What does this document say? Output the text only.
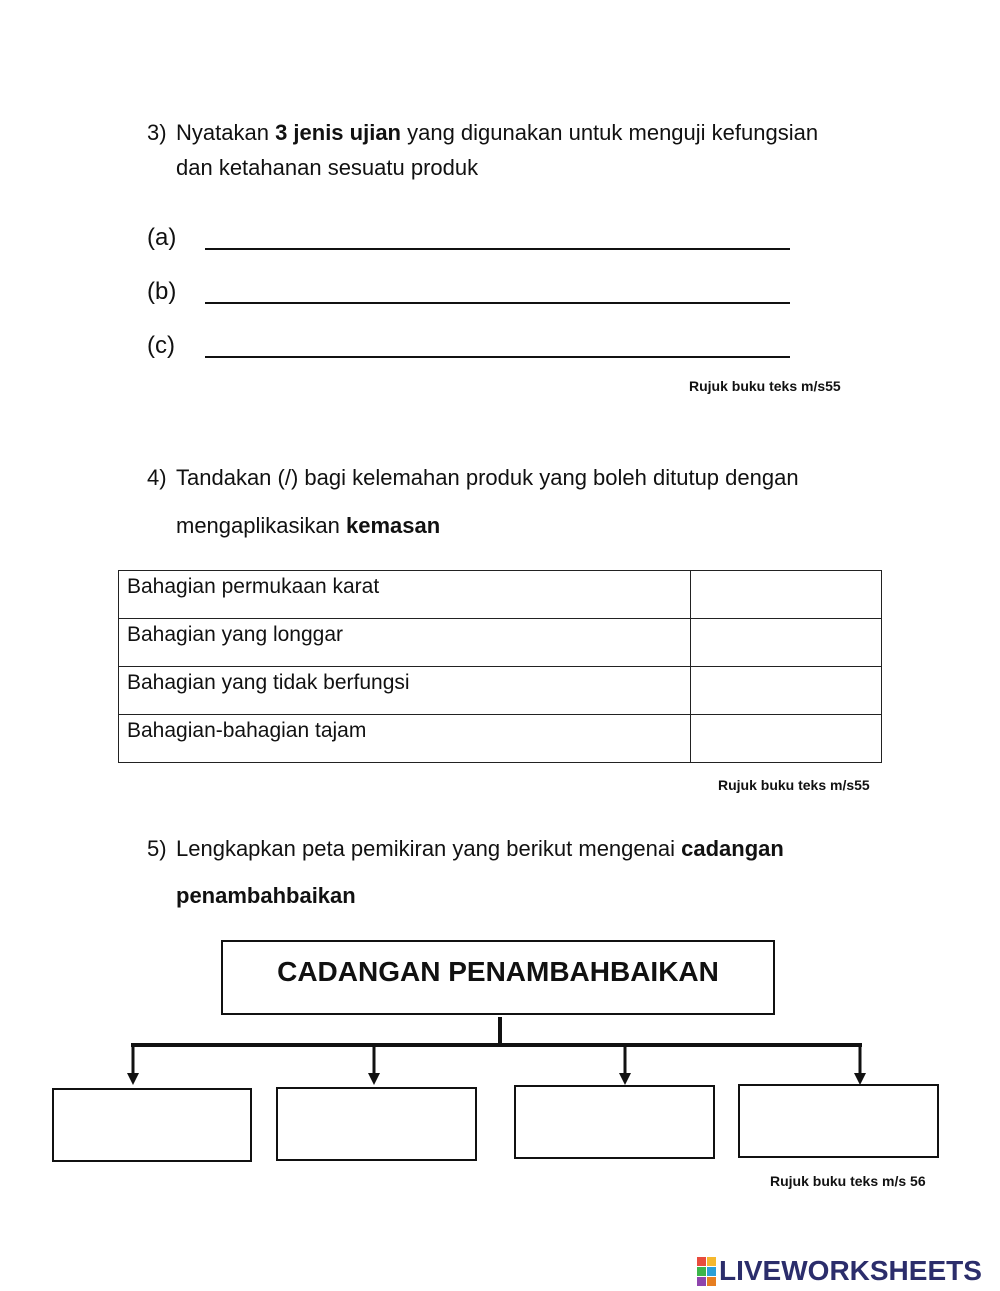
3) Nyatakan 3 jenis ujian yang digunakan untuk menguji kefungsian
dan ketahanan sesuatu produk
(a)
(b)
(c)
Rujuk buku teks m/s55
4) Tandakan (/) bagi kelemahan produk yang boleh ditutup dengan
mengaplikasikan kemasan
Bahagian permukaan karat	
Bahagian yang longgar	
Bahagian yang tidak berfungsi	
Bahagian-bahagian tajam	
Rujuk buku teks m/s55
5) Lengkapkan peta pemikiran yang berikut mengenai cadangan
penambahbaikan
CADANGAN PENAMBAHBAIKAN
Rujuk buku teks m/s 56
LIVEWORKSHEETS
